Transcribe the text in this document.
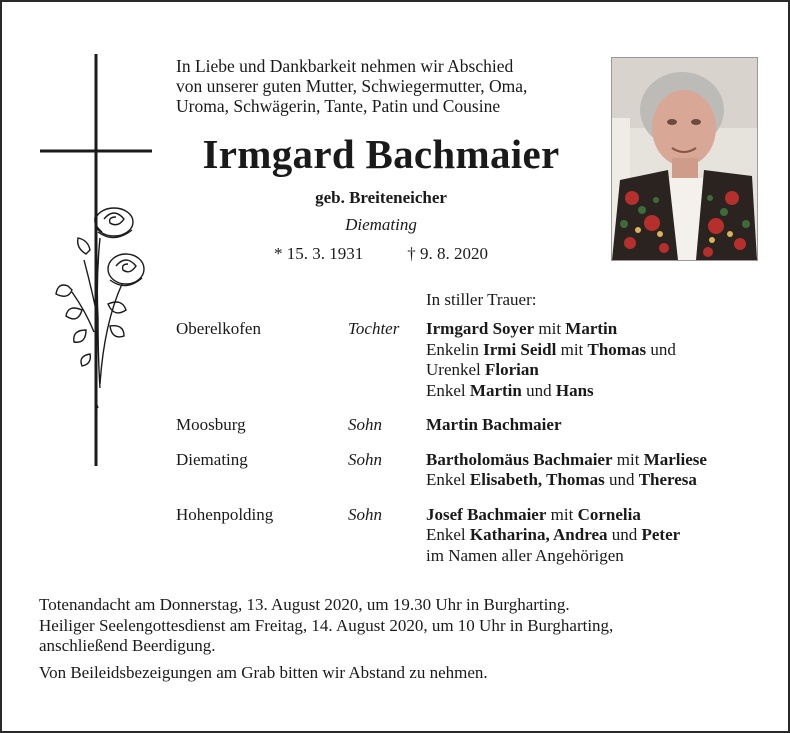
In Liebe und Dankbarkeit nehmen wir Abschied
von unserer guten Mutter, Schwiegermutter, Oma,
Uroma, Schwägerin, Tante, Patin und Cousine
Irmgard Bachmaier
geb. Breiteneicher
Diemating
* 15. 3. 1931	† 9. 8. 2020
In stiller Trauer:
Oberelkofen	Tochter Irmgard Soyer mit Martin
Enkelin Irmi Seidl mit Thomas und
Urenkel Florian
Enkel Martin und Hans
Moosburg	Sohn	Martin Bachmaier
Diemating	Sohn	Bartholomäus Bachmaier mit Marliese
Enkel Elisabeth, Thomas und Theresa
Hohenpolding	Sohn	Josef Bachmaier mit Cornelia
Enkel Katharina, Andrea und Peter
im Namen aller Angehörigen
Totenandacht am Donnerstag, 13. August 2020, um 19.30 Uhr in Burgharting.
Heiliger Seelengottesdienst am Freitag, 14. August 2020, um 10 Uhr in Burgharting,
anschließend Beerdigung.
Von Beileidsbezeigungen am Grab bitten wir Abstand zu nehmen.
